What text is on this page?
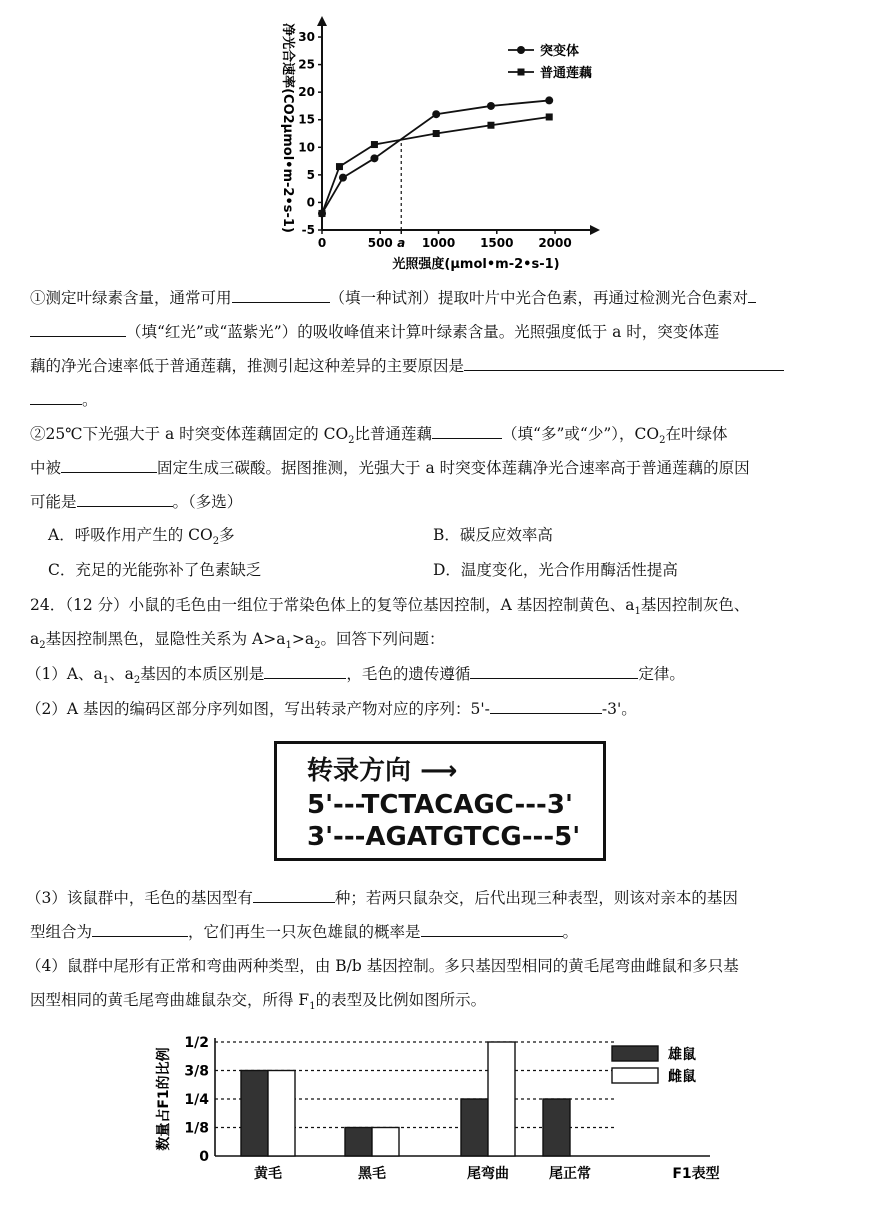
-5
0
5
10
15
20
25
30
0	500 a 1000 1500 2000
突变体
普通莲藕
光照强度(μmol•m-2•s-1)
净光合速率(CO2μmol•m-2•s-1)
①测定叶绿素含量，通常可用	（填一种试剂）提取叶片中光合色素，再通过检测光合色素对
（填“红光”或“蓝紫光”）的吸收峰值来计算叶绿素含量。光照强度低于 a 时，突变体莲
藕的净光合速率低于普通莲藕，推测引起这种差异的主要原因是
。
②25℃下光强大于 a 时突变体莲藕固定的 $CO_2$比普通莲藕	（填“多”或“少”），$CO_2$在叶绿体
中被	固定生成三碳酸。据图推测，光强大于 a 时突变体莲藕净光合速率高于普通莲藕的原因
可能是	。（多选）
A．呼吸作用产生的 $CO_2$多	B．碳反应效率高
C．充足的光能弥补了色素缺乏	D．温度变化，光合作用酶活性提高
24．（12 分）小鼠的毛色由一组位于常染色体上的复等位基因控制，A 基因控制黄色、$a_1$基因控制灰色、
$a_2$基因控制黑色，显隐性关系为 $A>a_1>a_2$。回答下列问题：
（1）A、$a_1$、$a_2$基因的本质区别是	，毛色的遗传遵循	定律。
（2）A 基因的编码区部分序列如图，写出转录产物对应的序列：5'-	-3'。
转录方向 ⟶
5'---TCTACAGC---3'
3'---AGATGTCG---5'
（3）该鼠群中，毛色的基因型有	种；若两只鼠杂交，后代出现三种表型，则该对亲本的基因
型组合为	，它们再生一只灰色雄鼠的概率是	。
（4）鼠群中尾形有正常和弯曲两种类型，由 B/b 基因控制。多只基因型相同的黄毛尾弯曲雌鼠和多只基
因型相同的黄毛尾弯曲雄鼠杂交，所得 $F_1$的表型及比例如图所示。
0
1/8
1/4
3/8
1/2
黄毛	黑毛	尾弯曲	尾正常
雄鼠
雌鼠
F1表型
数量占F1的比例
